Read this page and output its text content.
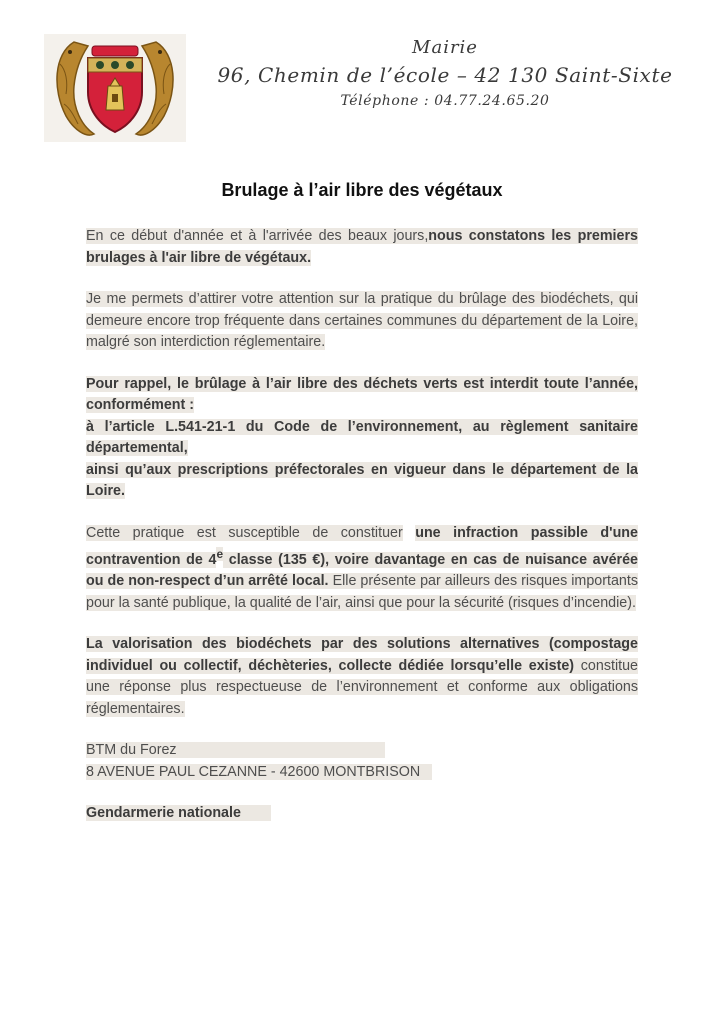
Mairie
96, Chemin de l’école – 42 130 Saint-Sixte
Téléphone : 04.77.24.65.20
Brulage à l’air libre des végétaux

En ce début d'année et à l'arrivée des beaux jours,nous constatons les premiers brulages à l'air libre de végétaux.

Je me permets d’attirer votre attention sur la pratique du brûlage des biodéchets, qui demeure encore trop fréquente dans certaines communes du département de la Loire, malgré son interdiction réglementaire.

Pour rappel, le brûlage à l’air libre des déchets verts est interdit toute l’année, conformément :
à l’article L.541-21-1 du Code de l’environnement, au règlement sanitaire départemental,
ainsi qu’aux prescriptions préfectorales en vigueur dans le département de la Loire.

Cette pratique est susceptible de constituer une infraction passible d'une contravention de 4e classe (135 €), voire davantage en cas de nuisance avérée ou de non-respect d’un arrêté local. Elle présente par ailleurs des risques importants pour la santé publique, la qualité de l’air, ainsi que pour la sécurité (risques d’incendie).

La valorisation des biodéchets par des solutions alternatives (compostage individuel ou collectif, déchèteries, collecte dédiée lorsqu’elle existe) constitue une réponse plus respectueuse de l’environnement et conforme aux obligations réglementaires.

BTM du Forez
8 AVENUE PAUL CEZANNE - 42600 MONTBRISON

Gendarmerie nationale
